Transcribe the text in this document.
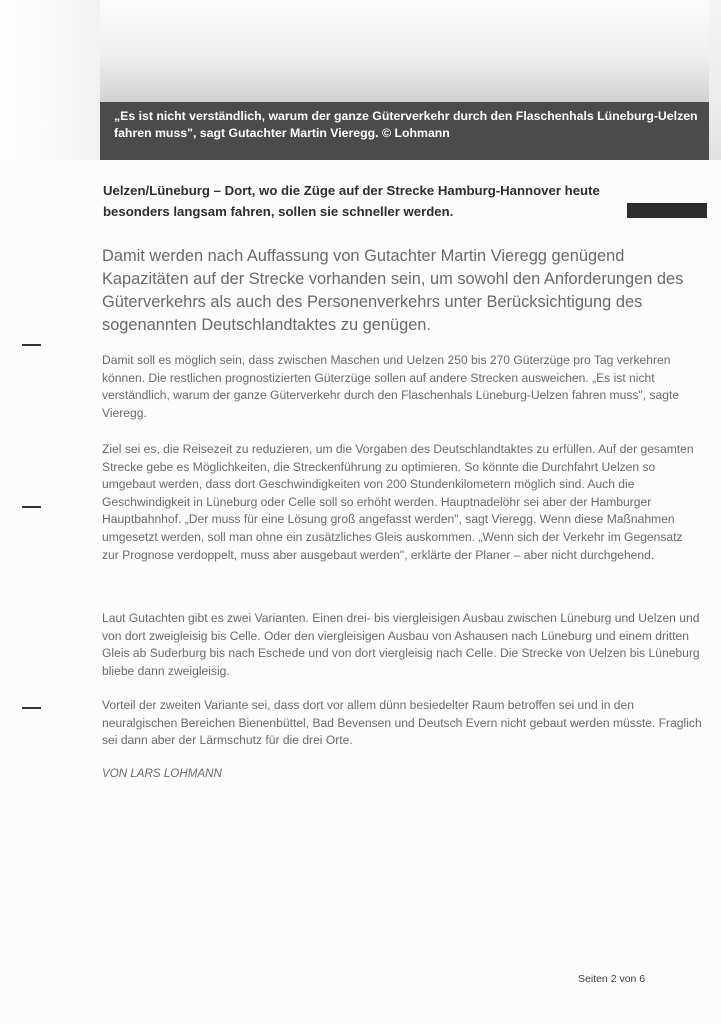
„Es ist nicht verständlich, warum der ganze Güterverkehr durch den Flaschenhals Lüneburg-Uelzen fahren muss", sagt Gutachter Martin Vieregg. © Lohmann
Uelzen/Lüneburg – Dort, wo die Züge auf der Strecke Hamburg-Hannover heute besonders langsam fahren, sollen sie schneller werden.
Damit werden nach Auffassung von Gutachter Martin Vieregg genügend Kapazitäten auf der Strecke vorhanden sein, um sowohl den Anforderungen des Güterverkehrs als auch des Personenverkehrs unter Berücksichtigung des sogenannten Deutschlandtaktes zu genügen.
Damit soll es möglich sein, dass zwischen Maschen und Uelzen 250 bis 270 Güterzüge pro Tag verkehren können. Die restlichen prognostizierten Güterzüge sollen auf andere Strecken ausweichen. „Es ist nicht verständlich, warum der ganze Güterverkehr durch den Flaschenhals Lüneburg-Uelzen fahren muss", sagte Vieregg.
Ziel sei es, die Reisezeit zu reduzieren, um die Vorgaben des Deutschlandtaktes zu erfüllen. Auf der gesamten Strecke gebe es Möglichkeiten, die Streckenführung zu optimieren. So könnte die Durchfahrt Uelzen so umgebaut werden, dass dort Geschwindigkeiten von 200 Stundenkilometern möglich sind. Auch die Geschwindigkeit in Lüneburg oder Celle soll so erhöht werden. Hauptnadelöhr sei aber der Hamburger Hauptbahnhof. „Der muss für eine Lösung groß angefasst werden", sagt Vieregg. Wenn diese Maßnahmen umgesetzt werden, soll man ohne ein zusätzliches Gleis auskommen. „Wenn sich der Verkehr im Gegensatz zur Prognose verdoppelt, muss aber ausgebaut werden", erklärte der Planer – aber nicht durchgehend.
Laut Gutachten gibt es zwei Varianten. Einen drei- bis viergleisigen Ausbau zwischen Lüneburg und Uelzen und von dort zweigleisig bis Celle. Oder den viergleisigen Ausbau von Ashausen nach Lüneburg und einem dritten Gleis ab Suderburg bis nach Eschede und von dort viergleisig nach Celle. Die Strecke von Uelzen bis Lüneburg bliebe dann zweigleisig.
Vorteil der zweiten Variante sei, dass dort vor allem dünn besiedelter Raum betroffen sei und in den neuralgischen Bereichen Bienenbüttel, Bad Bevensen und Deutsch Evern nicht gebaut werden müsste. Fraglich sei dann aber der Lärmschutz für die drei Orte.
VON LARS LOHMANN
Seiten 2 von 6
